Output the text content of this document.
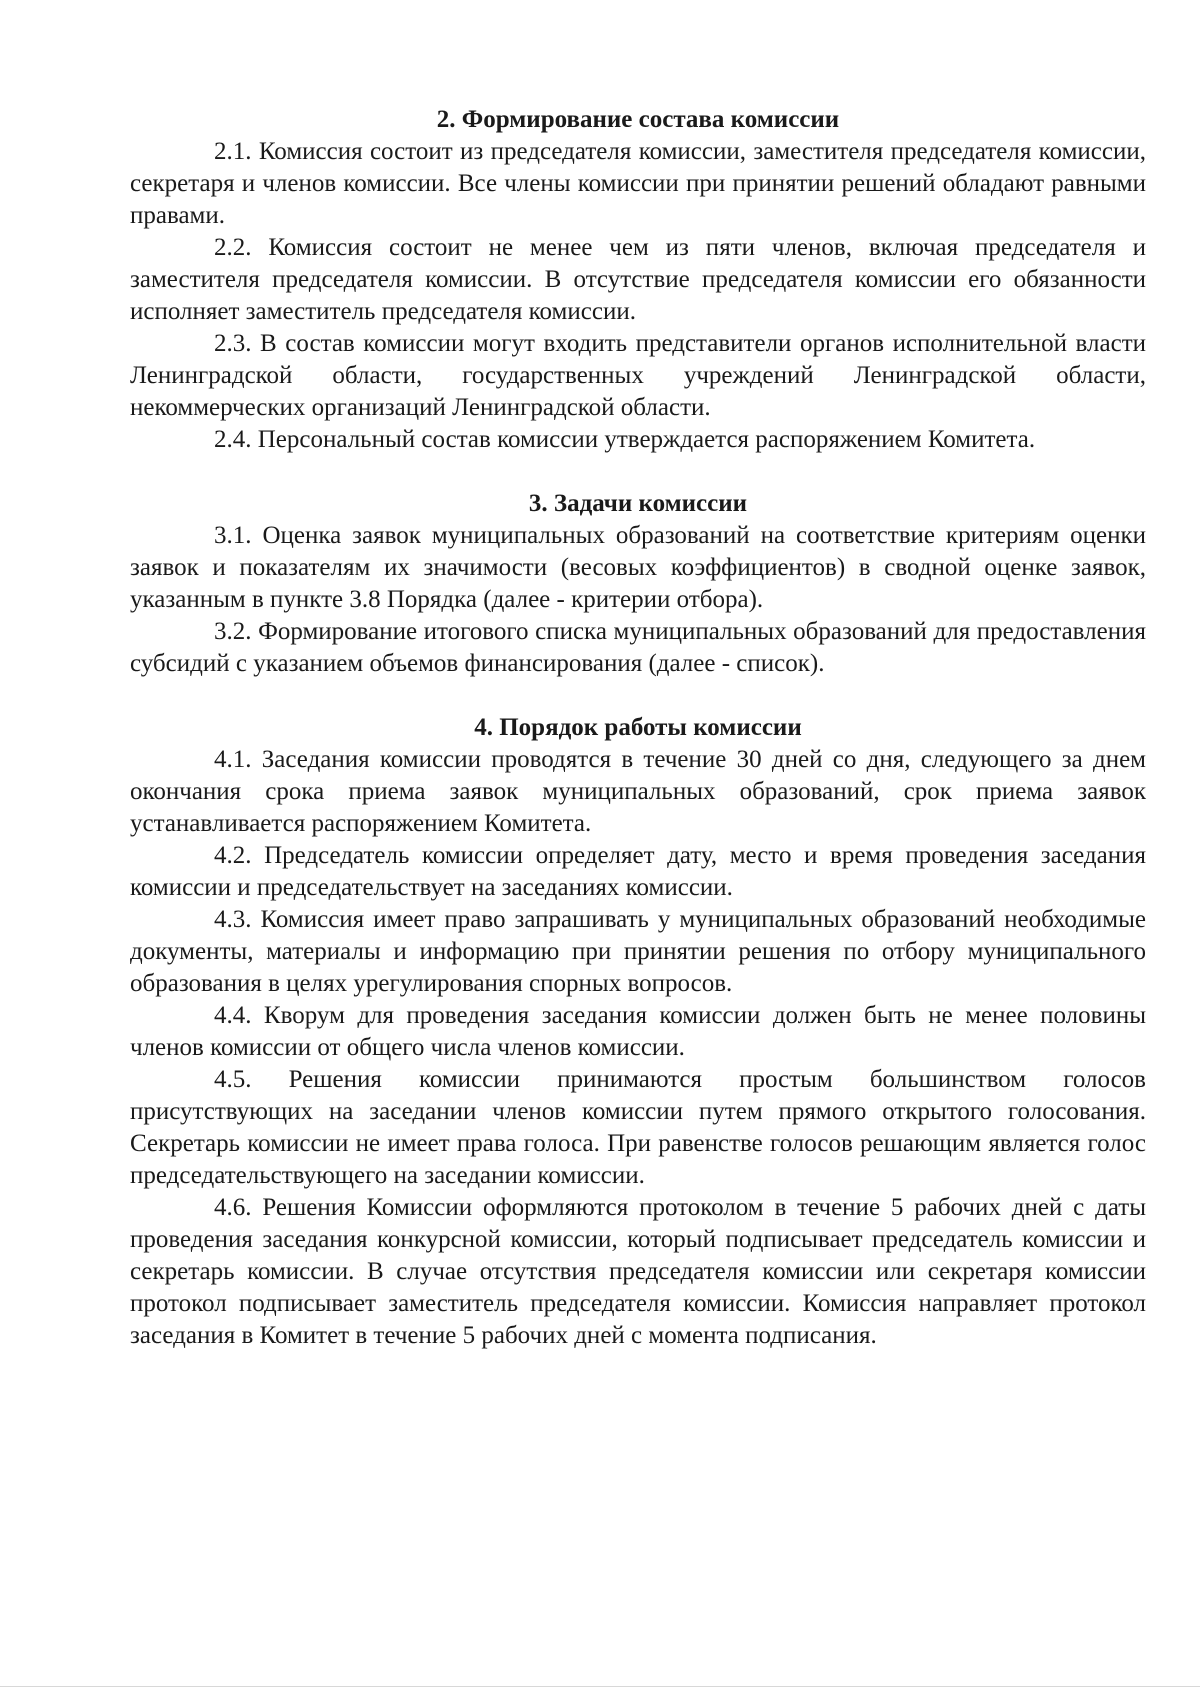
2. Формирование состава комиссии

2.1. Комиссия состоит из председателя комиссии, заместителя председателя комиссии, секретаря и членов комиссии. Все члены комиссии при принятии решений обладают равными правами.

2.2. Комиссия состоит не менее чем из пяти членов, включая председателя и заместителя председателя комиссии. В отсутствие председателя комиссии его обязанности исполняет заместитель председателя комиссии.

2.3. В состав комиссии могут входить представители органов исполнительной власти Ленинградской области, государственных учреждений Ленинградской области, некоммерческих организаций Ленинградской области.

2.4. Персональный состав комиссии утверждается распоряжением Комитета.

3. Задачи комиссии

3.1. Оценка заявок муниципальных образований на соответствие критериям оценки заявок и показателям их значимости (весовых коэффициентов) в сводной оценке заявок, указанным в пункте 3.8 Порядка (далее - критерии отбора).

3.2. Формирование итогового списка муниципальных образований для предоставления субсидий с указанием объемов финансирования (далее - список).

4. Порядок работы комиссии

4.1. Заседания комиссии проводятся в течение 30 дней со дня, следующего за днем окончания срока приема заявок муниципальных образований, срок приема заявок устанавливается распоряжением Комитета.

4.2. Председатель комиссии определяет дату, место и время проведения заседания комиссии и председательствует на заседаниях комиссии.

4.3. Комиссия имеет право запрашивать у муниципальных образований необходимые документы, материалы и информацию при принятии решения по отбору муниципального образования в целях урегулирования спорных вопросов.

4.4. Кворум для проведения заседания комиссии должен быть не менее половины членов комиссии от общего числа членов комиссии.

4.5. Решения комиссии принимаются простым большинством голосов присутствующих на заседании членов комиссии путем прямого открытого голосования. Секретарь комиссии не имеет права голоса. При равенстве голосов решающим является голос председательствующего на заседании комиссии.

4.6. Решения Комиссии оформляются протоколом в течение 5 рабочих дней с даты проведения заседания конкурсной комиссии, который подписывает председатель комиссии и секретарь комиссии. В случае отсутствия председателя комиссии или секретаря комиссии протокол подписывает заместитель председателя комиссии. Комиссия направляет протокол заседания в Комитет в течение 5 рабочих дней с момента подписания.
